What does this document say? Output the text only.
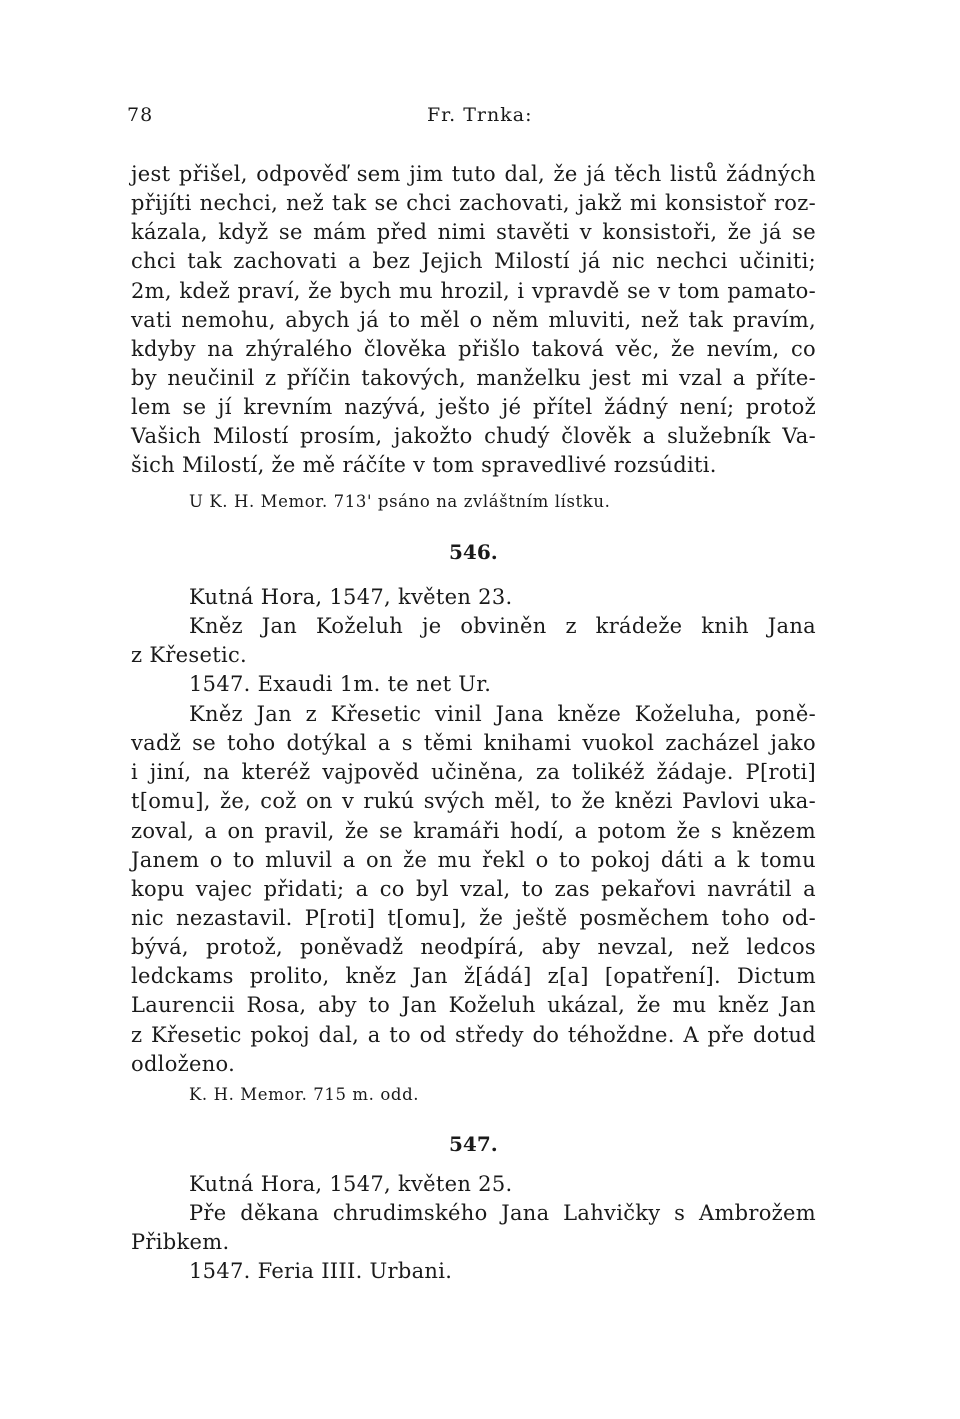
78	Fr. Trnka:
jest přišel, odpověď sem jim tuto dal, že já těch listů žádných
přijíti nechci, než tak se chci zachovati, jakž mi konsistoř roz-
kázala, když se mám před nimi stavěti v konsistoři, že já se
chci tak zachovati a bez Jejich Milostí já nic nechci učiniti;
2m, kdež praví, že bych mu hrozil, i vpravdě se v tom pamato-
vati nemohu, abych já to měl o něm mluviti, než tak pravím,
kdyby na zhýralého člověka přišlo taková věc, že nevím, co
by neučinil z příčin takových, manželku jest mi vzal a příte-
lem se jí krevním nazývá, ješto jé přítel žádný není; protož
Vašich Milostí prosím, jakožto chudý člověk a služebník Va-
šich Milostí, že mě ráčíte v tom spravedlivé rozsúditi.
U K. H. Memor. 713' psáno na zvláštním lístku.
546.
Kutná Hora, 1547, květen 23.
Kněz Jan Koželuh je obviněn z krádeže knih Jana
z Křesetic.
1547. Exaudi 1m. te net Ur.
Kněz Jan z Křesetic vinil Jana kněze Koželuha, poně-
vadž se toho dotýkal a s těmi knihami vuokol zacházel jako
i jiní, na kteréž vajpověd učiněna, za tolikéž žádaje. P[roti]
t[omu], že, což on v rukú svých měl, to že knězi Pavlovi uka-
zoval, a on pravil, že se kramáři hodí, a potom že s knězem
Janem o to mluvil a on že mu řekl o to pokoj dáti a k tomu
kopu vajec přidati; a co byl vzal, to zas pekařovi navrátil a
nic nezastavil. P[roti] t[omu], že ještě posměchem toho od-
bývá, protož, poněvadž neodpírá, aby nevzal, než ledcos
ledckams prolito, kněz Jan ž[ádá] z[a] [opatření]. Dictum
Laurencii Rosa, aby to Jan Koželuh ukázal, že mu kněz Jan
z Křesetic pokoj dal, a to od středy do téhoždne. A pře dotud
odloženo.
K. H. Memor. 715 m. odd.
547.
Kutná Hora, 1547, květen 25.
Pře děkana chrudimského Jana Lahvičky s Ambrožem
Přibkem.
1547. Feria IIII. Urbani.
